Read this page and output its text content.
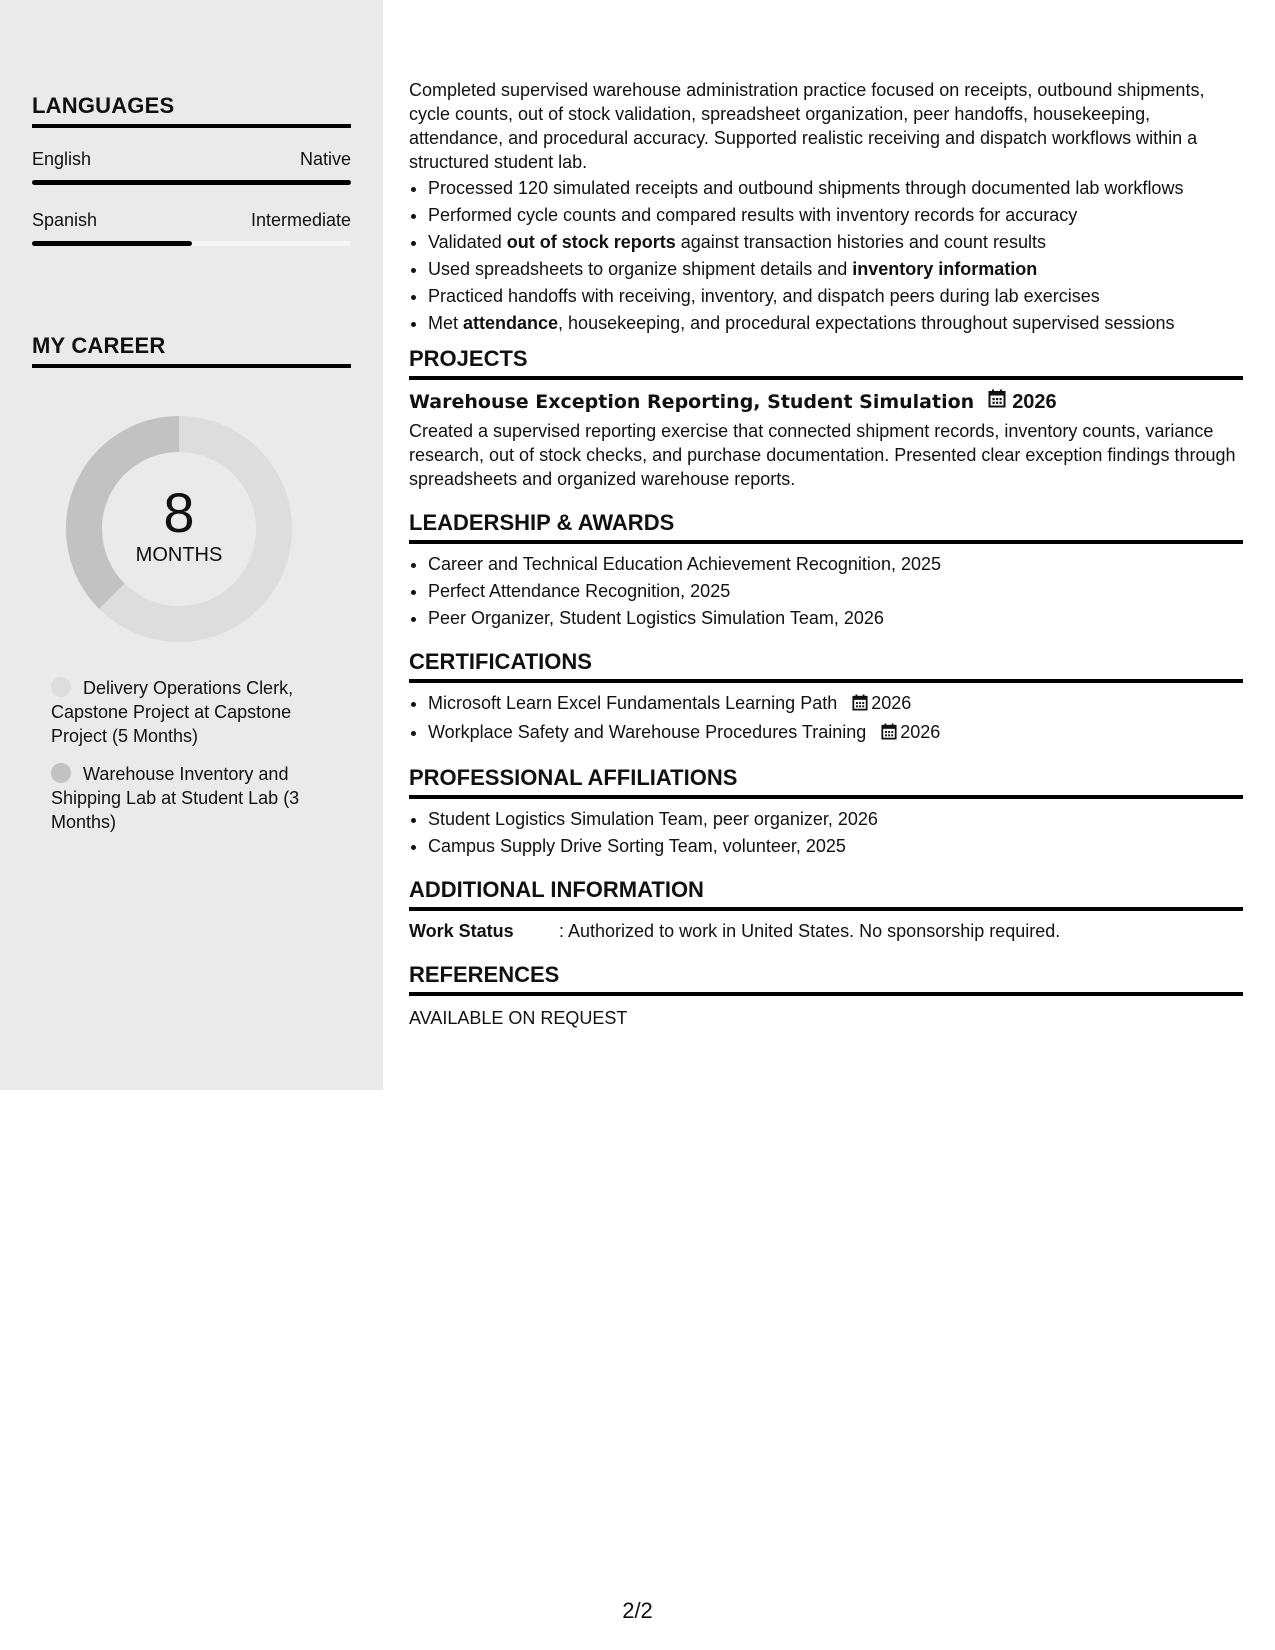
LANGUAGES
English	Native
Spanish	Intermediate
MY CAREER
8
MONTHS
Delivery Operations Clerk, Capstone Project at Capstone Project (5 Months)
Warehouse Inventory and Shipping Lab at Student Lab (3 Months)

Completed supervised warehouse administration practice focused on receipts, outbound shipments, cycle counts, out of stock validation, spreadsheet organization, peer handoffs, housekeeping, attendance, and procedural accuracy. Supported realistic receiving and dispatch workflows within a structured student lab.

• Processed 120 simulated receipts and outbound shipments through documented lab workflows
• Performed cycle counts and compared results with inventory records for accuracy
• Validated out of stock reports against transaction histories and count results
• Used spreadsheets to organize shipment details and inventory information
• Practiced handoffs with receiving, inventory, and dispatch peers during lab exercises
• Met attendance, housekeeping, and procedural expectations throughout supervised sessions
PROJECTS
Warehouse Exception Reporting, Student Simulation 2026

Created a supervised reporting exercise that connected shipment records, inventory counts, variance research, out of stock checks, and purchase documentation. Presented clear exception findings through spreadsheets and organized warehouse reports.

LEADERSHIP & AWARDS
• Career and Technical Education Achievement Recognition, 2025
• Perfect Attendance Recognition, 2025
• Peer Organizer, Student Logistics Simulation Team, 2026
CERTIFICATIONS
• Microsoft Learn Excel Fundamentals Learning Path 2026
• Workplace Safety and Warehouse Procedures Training 2026
PROFESSIONAL AFFILIATIONS
• Student Logistics Simulation Team, peer organizer, 2026
• Campus Supply Drive Sorting Team, volunteer, 2025
ADDITIONAL INFORMATION
Work Status	: Authorized to work in United States. No sponsorship required.
REFERENCES

AVAILABLE ON REQUEST

2/2
